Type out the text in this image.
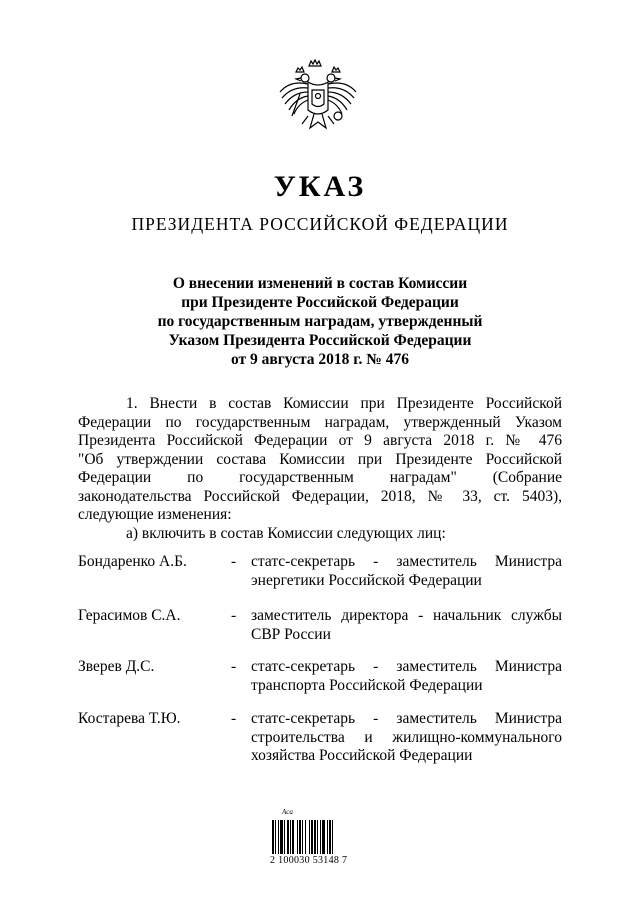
УКАЗ
ПРЕЗИДЕНТА РОССИЙСКОЙ ФЕДЕРАЦИИ
О внесении изменений в состав Комиссии
при Президенте Российской Федерации
по государственным наградам, утвержденный
Указом Президента Российской Федерации
от 9 августа 2018 г. № 476
1. Внести в состав Комиссии при Президенте Российской
Федерации по государственным наградам, утвержденный Указом
Президента Российской Федерации от 9 августа 2018 г. № 476
"Об утверждении состава Комиссии при Президенте Российской
Федерации по государственным наградам" (Собрание
законодательства Российской Федерации, 2018, № 33, ст. 5403),
следующие изменения:
а) включить в состав Комиссии следующих лиц:
Бондаренко А.Б.	- статс-секретарь - заместитель Министра
энергетики Российской Федерации
Герасимов С.А.	- заместитель директора - начальник службы
СВР России
Зверев Д.С.	- статс-секретарь - заместитель Министра
транспорта Российской Федерации
Костарева Т.Ю.	- статс-секретарь - заместитель Министра
строительства и жилищно-коммунального
хозяйства Российской Федерации
Aca
2 100030 53148 7
